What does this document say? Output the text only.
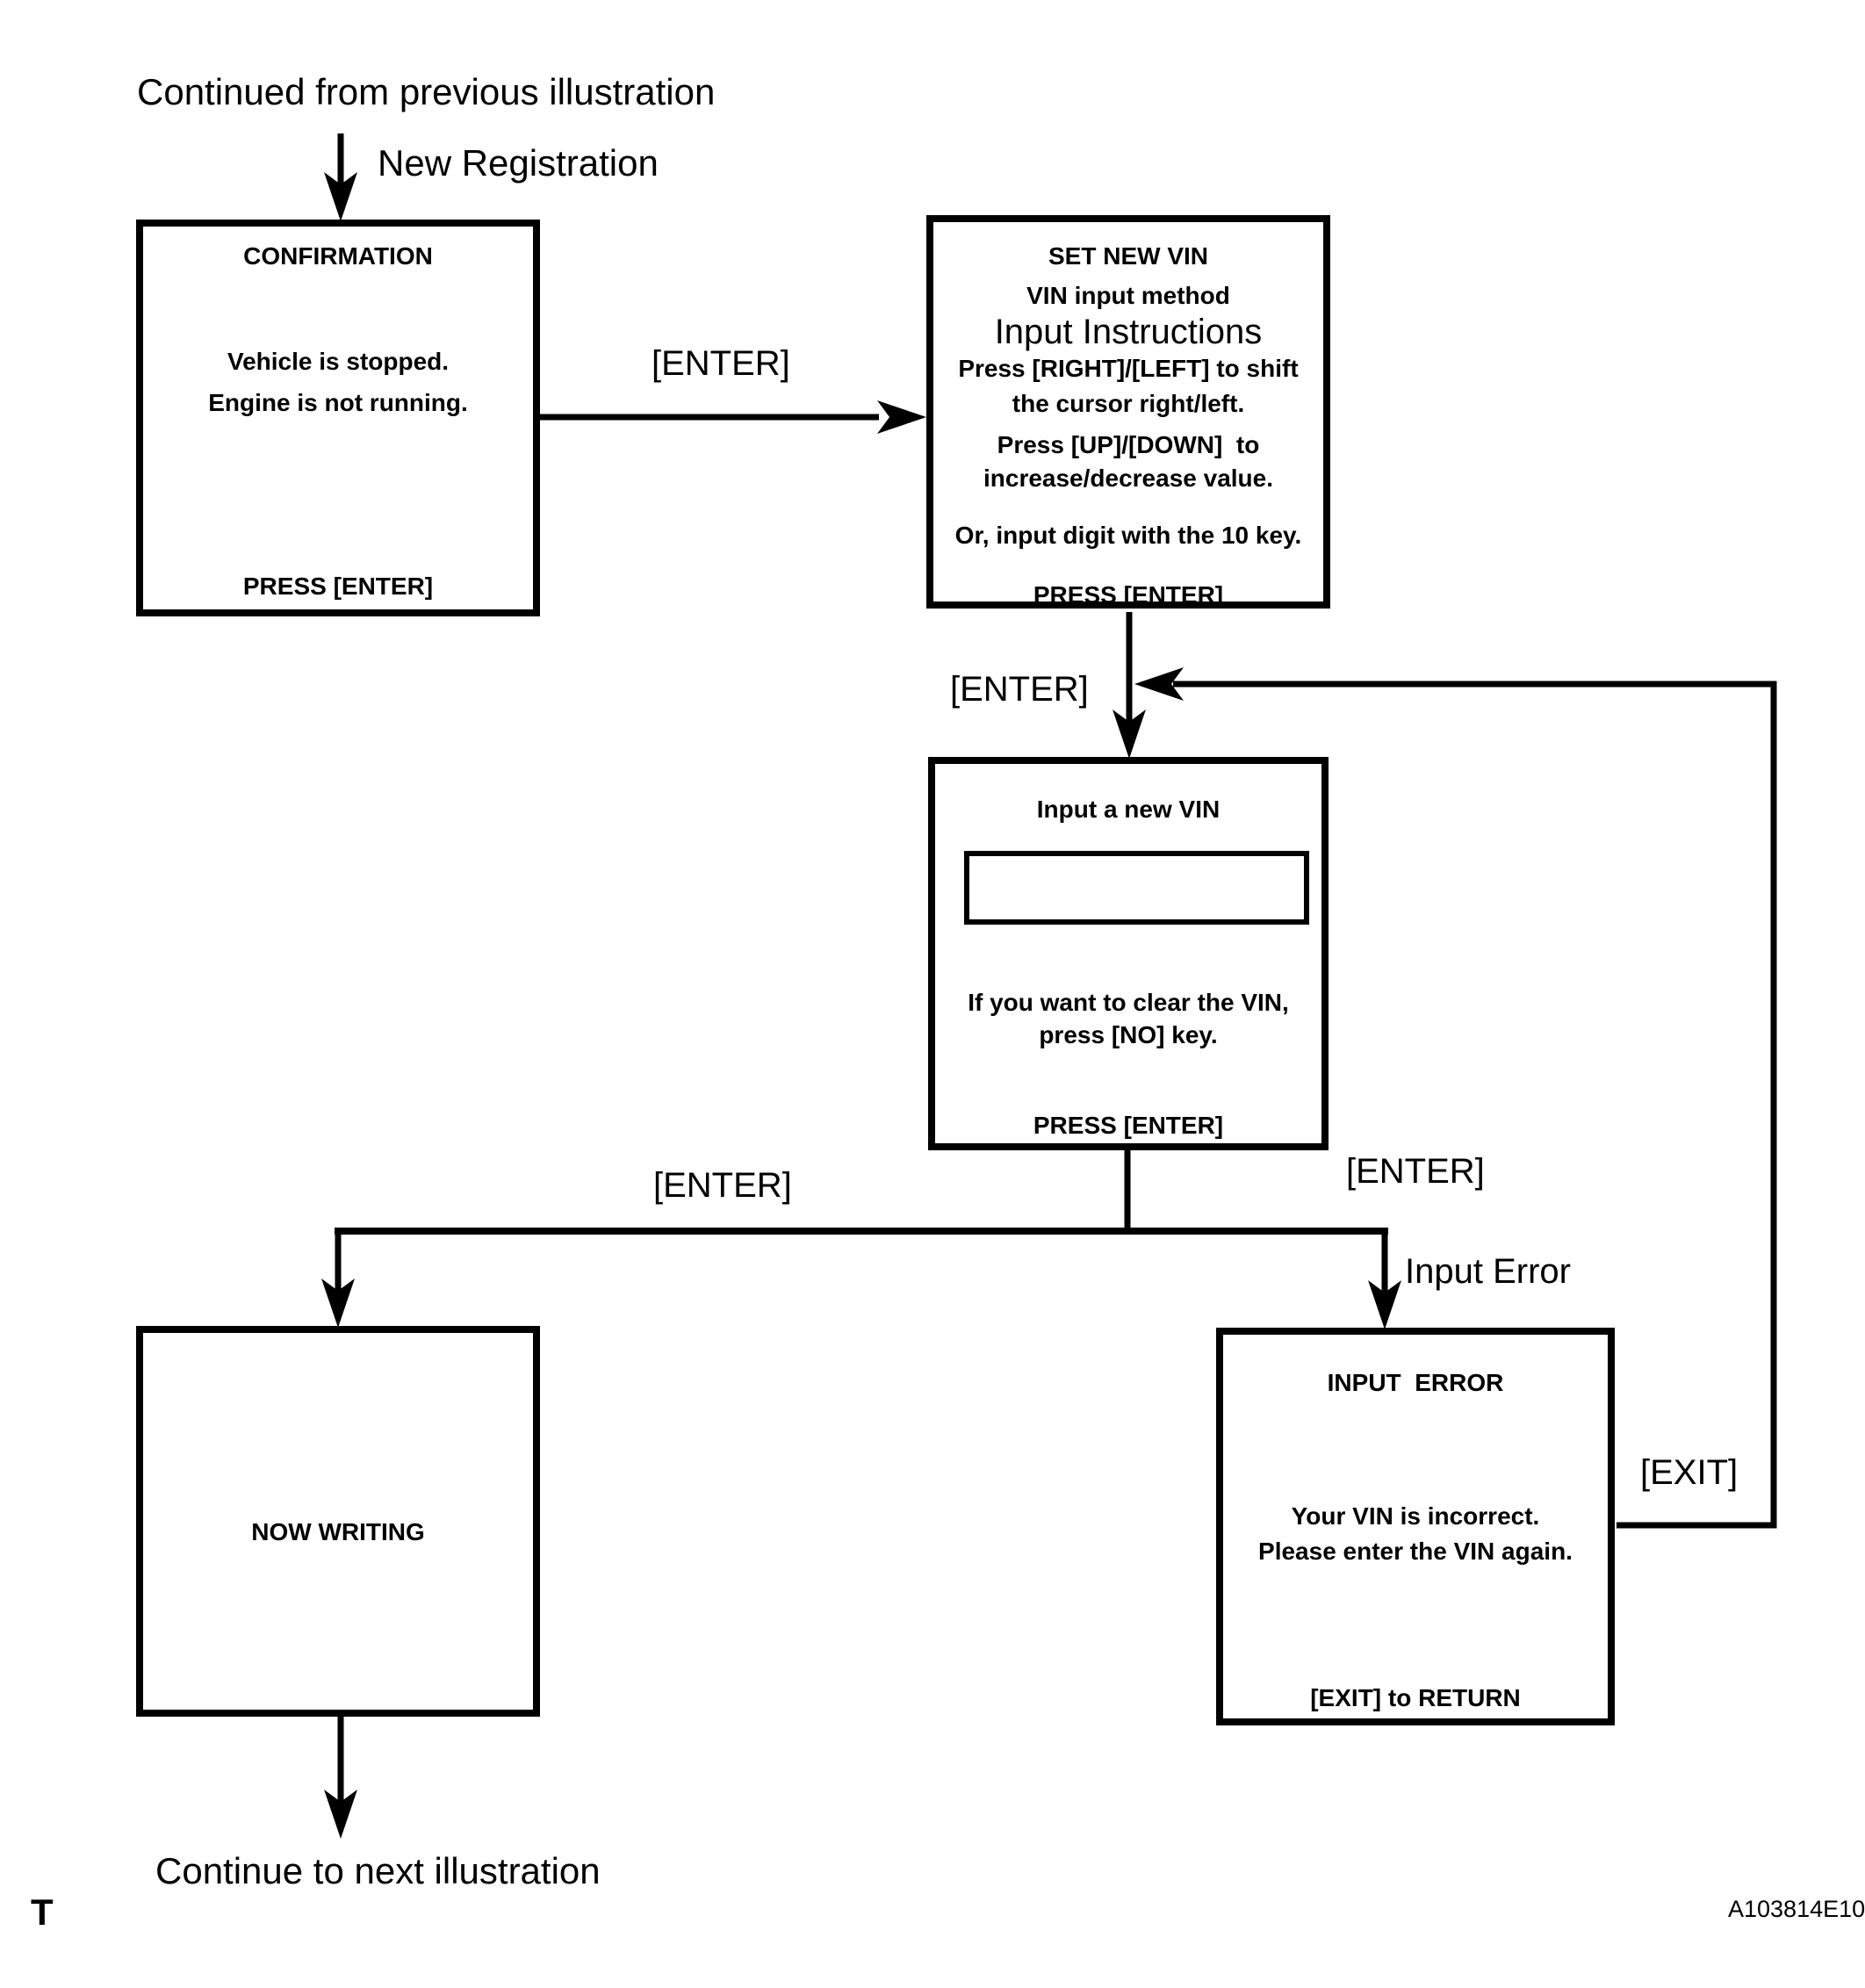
Continued from previous illustration
New Registration
[ENTER]
[ENTER]
[ENTER]	[ENTER]
Input Error
[EXIT]
Continue to next illustration
T	A103814E10
CONFIRMATION
Vehicle is stopped.
Engine is not running.
PRESS [ENTER]
SET NEW VIN
VIN input method
Input Instructions
Press [RIGHT]/[LEFT] to shift
the cursor right/left.
Press [UP]/[DOWN]  to
increase/decrease value.
Or, input digit with the 10 key.
PRESS [ENTER]
Input a new VIN
If you want to clear the VIN,
press [NO] key.
PRESS [ENTER]
NOW WRITING
INPUT  ERROR
Your VIN is incorrect.
Please enter the VIN again.
[EXIT] to RETURN
